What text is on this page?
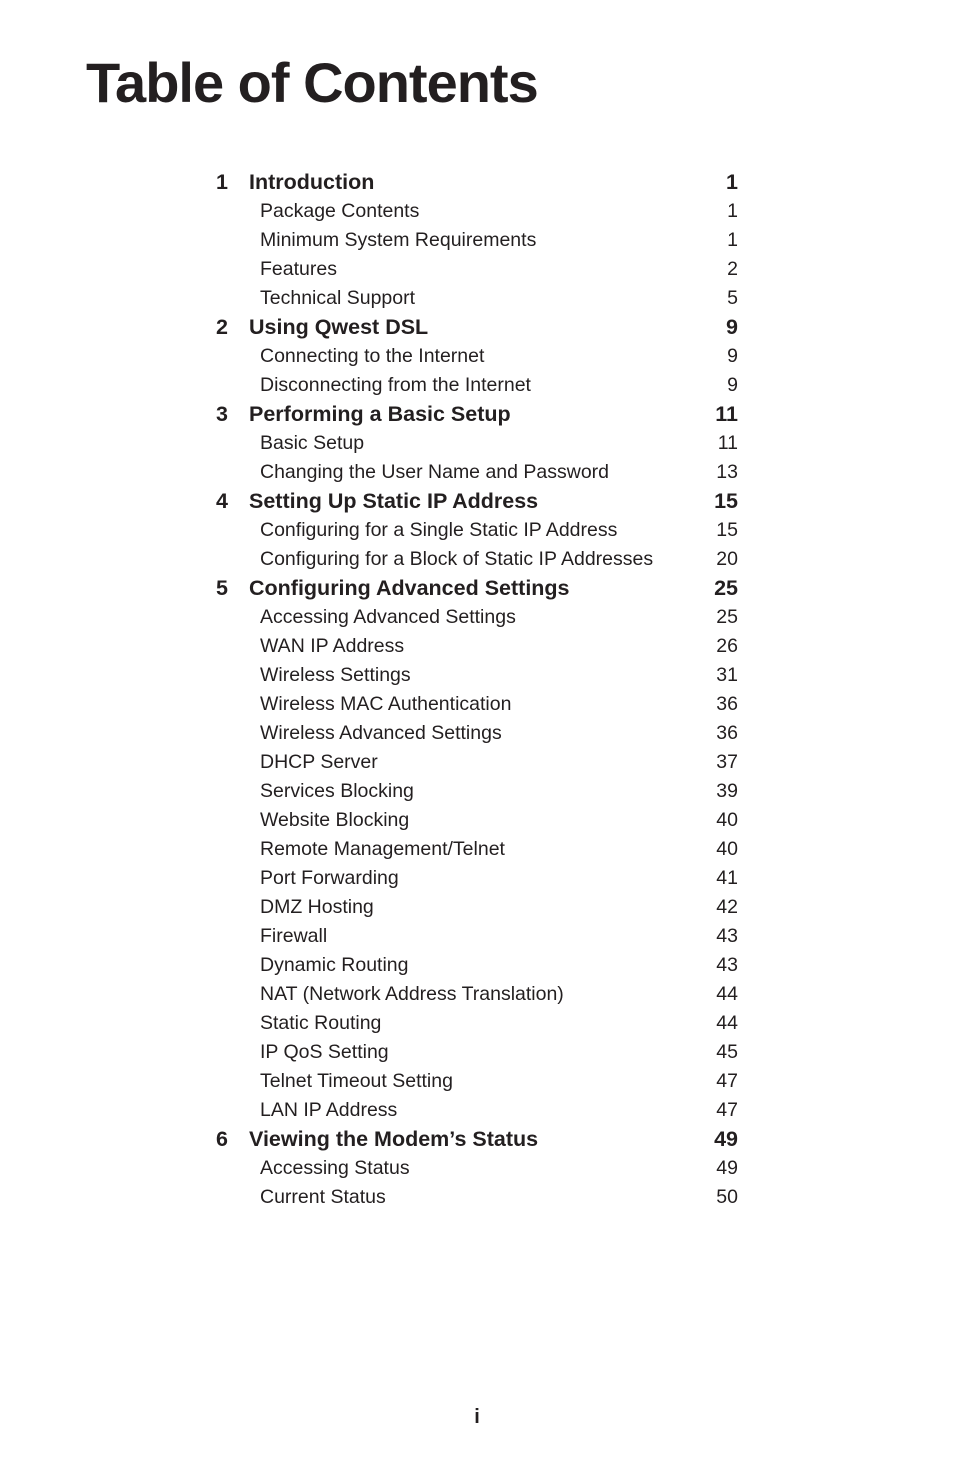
Table of Contents
1 Introduction	1
Package Contents	1
Minimum System Requirements	1
Features	2
Technical Support	5
2 Using Qwest DSL	9
Connecting to the Internet	9
Disconnecting from the Internet	9
3 Performing a Basic Setup	11
Basic Setup	11
Changing the User Name and Password	13
4 Setting Up Static IP Address	15
Configuring for a Single Static IP Address	15
Configuring for a Block of Static IP Addresses	20
5 Configuring Advanced Settings	25
Accessing Advanced Settings	25
WAN IP Address	26
Wireless Settings	31
Wireless MAC Authentication	36
Wireless Advanced Settings	36
DHCP Server	37
Services Blocking	39
Website Blocking	40
Remote Management/Telnet	40
Port Forwarding	41
DMZ Hosting	42
Firewall	43
Dynamic Routing	43
NAT (Network Address Translation)	44
Static Routing	44
IP QoS Setting	45
Telnet Timeout Setting	47
LAN IP Address	47
6 Viewing the Modem’s Status	49
Accessing Status	49
Current Status	50
i
